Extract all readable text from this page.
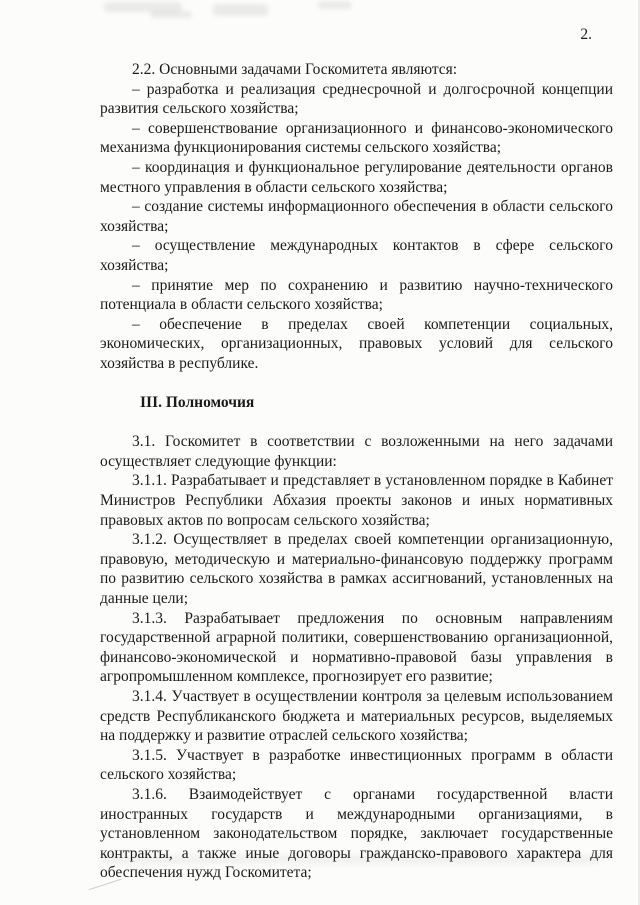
2.

2.2. Основными задачами Госкомитета являются:

– разработка и реализация среднесрочной и долгосрочной концепции развития сельского хозяйства;

– совершенствование организационного и финансово-экономического механизма функционирования системы сельского хозяйства;

– координация и функциональное регулирование деятельности органов местного управления в области сельского хозяйства;

– создание системы информационного обеспечения в области сельского хозяйства;

– осуществление международных контактов в сфере сельского хозяйства;

– принятие мер по сохранению и развитию научно-технического потенциала в области сельского хозяйства;

– обеспечение в пределах своей компетенции социальных, экономических, организационных, правовых условий для сельского хозяйства в республике.

III. Полномочия

3.1. Госкомитет в соответствии с возложенными на него задачами осуществляет следующие функции:

3.1.1. Разрабатывает и представляет в установленном порядке в Кабинет Министров Республики Абхазия проекты законов и иных нормативных правовых актов по вопросам сельского хозяйства;

3.1.2. Осуществляет в пределах своей компетенции организационную, правовую, методическую и материально-финансовую поддержку программ по развитию сельского хозяйства в рамках ассигнований, установленных на данные цели;

3.1.3. Разрабатывает предложения по основным направлениям государственной аграрной политики, совершенствованию организационной, финансово-экономической и нормативно-правовой базы управления в агропромышленном комплексе, прогнозирует его развитие;

3.1.4. Участвует в осуществлении контроля за целевым использованием средств Республиканского бюджета и материальных ресурсов, выделяемых на поддержку и развитие отраслей сельского хозяйства;

3.1.5. Участвует в разработке инвестиционных программ в области сельского хозяйства;

3.1.6. Взаимодействует с органами государственной власти иностранных государств и международными организациями, в установленном законодательством порядке, заключает государственные контракты, а также иные договоры гражданско-правового характера для обеспечения нужд Госкомитета;
